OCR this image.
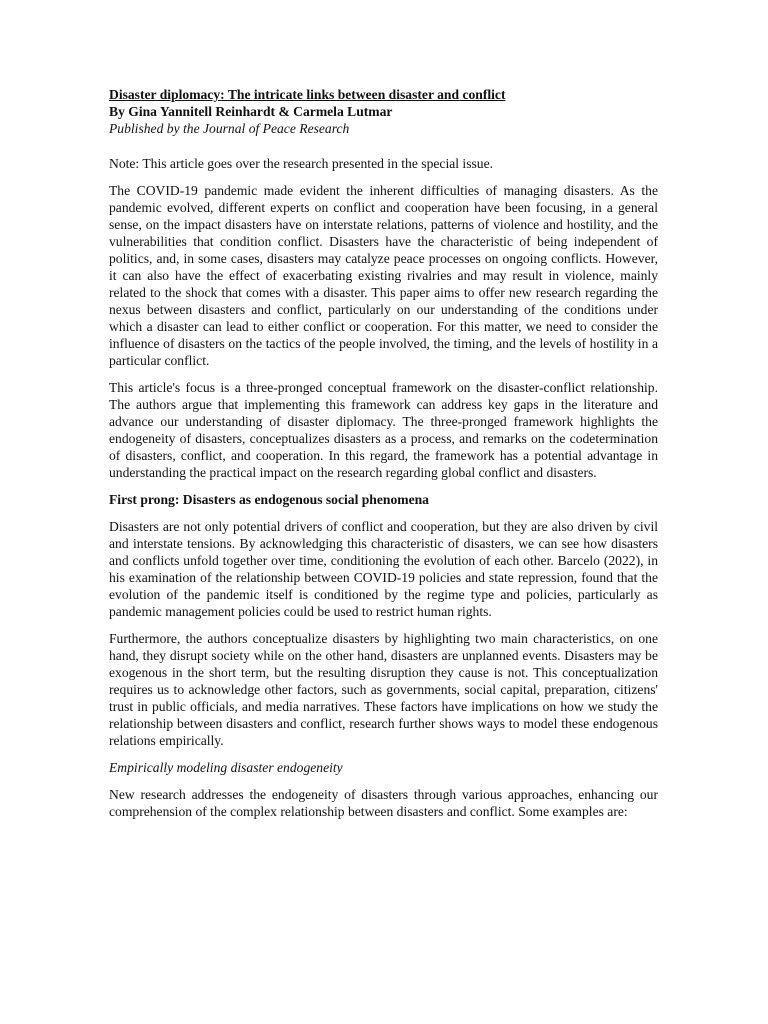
Disaster diplomacy: The intricate links between disaster and conflict
By Gina Yannitell Reinhardt & Carmela Lutmar
Published by the Journal of Peace Research

Note: This article goes over the research presented in the special issue.

The COVID-19 pandemic made evident the inherent difficulties of managing disasters. As the pandemic evolved, different experts on conflict and cooperation have been focusing, in a general sense, on the impact disasters have on interstate relations, patterns of violence and hostility, and the vulnerabilities that condition conflict. Disasters have the characteristic of being independent of politics, and, in some cases, disasters may catalyze peace processes on ongoing conflicts. However, it can also have the effect of exacerbating existing rivalries and may result in violence, mainly related to the shock that comes with a disaster. This paper aims to offer new research regarding the nexus between disasters and conflict, particularly on our understanding of the conditions under which a disaster can lead to either conflict or cooperation. For this matter, we need to consider the influence of disasters on the tactics of the people involved, the timing, and the levels of hostility in a particular conflict.

This article's focus is a three-pronged conceptual framework on the disaster-conflict relationship. The authors argue that implementing this framework can address key gaps in the literature and advance our understanding of disaster diplomacy. The three-pronged framework highlights the endogeneity of disasters, conceptualizes disasters as a process, and remarks on the codetermination of disasters, conflict, and cooperation. In this regard, the framework has a potential advantage in understanding the practical impact on the research regarding global conflict and disasters.

First prong: Disasters as endogenous social phenomena

Disasters are not only potential drivers of conflict and cooperation, but they are also driven by civil and interstate tensions. By acknowledging this characteristic of disasters, we can see how disasters and conflicts unfold together over time, conditioning the evolution of each other. Barcelo (2022), in his examination of the relationship between COVID-19 policies and state repression, found that the evolution of the pandemic itself is conditioned by the regime type and policies, particularly as pandemic management policies could be used to restrict human rights.

Furthermore, the authors conceptualize disasters by highlighting two main characteristics, on one hand, they disrupt society while on the other hand, disasters are unplanned events. Disasters may be exogenous in the short term, but the resulting disruption they cause is not. This conceptualization requires us to acknowledge other factors, such as governments, social capital, preparation, citizens' trust in public officials, and media narratives. These factors have implications on how we study the relationship between disasters and conflict, research further shows ways to model these endogenous relations empirically.

Empirically modeling disaster endogeneity

New research addresses the endogeneity of disasters through various approaches, enhancing our comprehension of the complex relationship between disasters and conflict. Some examples are:
